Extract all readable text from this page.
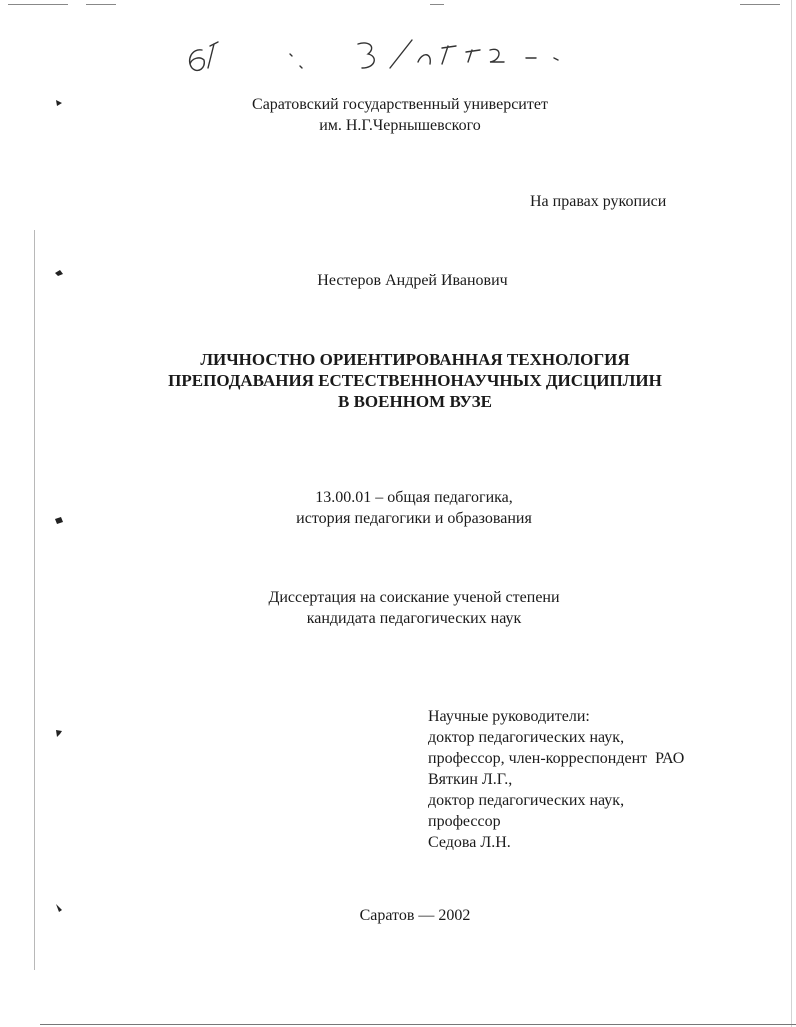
Саратовский государственный университет
им. Н.Г.Чернышевского
На правах рукописи
Нестеров Андрей Иванович
ЛИЧНОСТНО ОРИЕНТИРОВАННАЯ ТЕХНОЛОГИЯ
ПРЕПОДАВАНИЯ ЕСТЕСТВЕННОНАУЧНЫХ ДИСЦИПЛИН
В ВОЕННОМ ВУЗЕ
13.00.01 – общая педагогика,
история педагогики и образования
Диссертация на соискание ученой степени
кандидата педагогических наук
Научные руководители:
доктор педагогических наук,
профессор, член-корреспондент  РАО
Вяткин Л.Г.,
доктор педагогических наук,
профессор
Седова Л.Н.
Саратов — 2002
